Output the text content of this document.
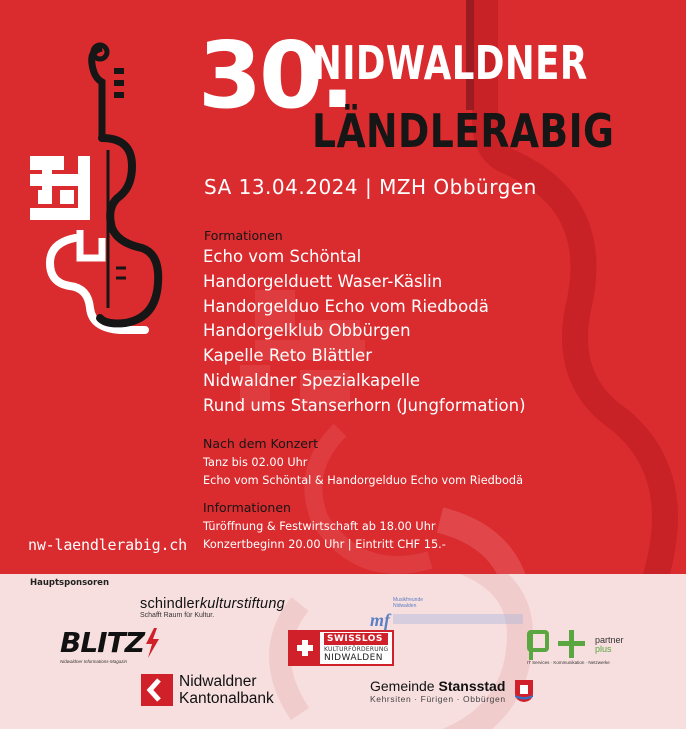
30.
NIDWALDNER
LÄNDLERABIG
SA 13.04.2024 | MZH Obbürgen
Formationen
Echo vom Schöntal
Handorgelduett Waser-Käslin
Handorgelduo Echo vom Riedbodä
Handorgelklub Obbürgen
Kapelle Reto Blättler
Nidwaldner Spezialkapelle
Rund ums Stanserhorn (Jungformation)
Nach dem Konzert
Tanz bis 02.00 Uhr
Echo vom Schöntal & Handorgelduo Echo vom Riedbodä
Informationen
Türöffnung & Festwirtschaft ab 18.00 Uhr
Konzertbeginn 20.00 Uhr | Eintritt CHF 15.-
nw-laendlerabig.ch
Hauptsponsoren
schindlerkulturstiftung
Schafft Raum für Kultur.	mf
Musikfreunde
Nidwalden
BLITZ
Nidwaldner Informations-Magazin
SWISSLOS
KULTURFÖRDERUNG
NIDWALDEN
partner
plus
IT Services · Kommunikation · Netzwerke
Nidwaldner
Kantonalbank
Gemeinde Stansstad
Kehrsiten · Fürigen · Obbürgen
